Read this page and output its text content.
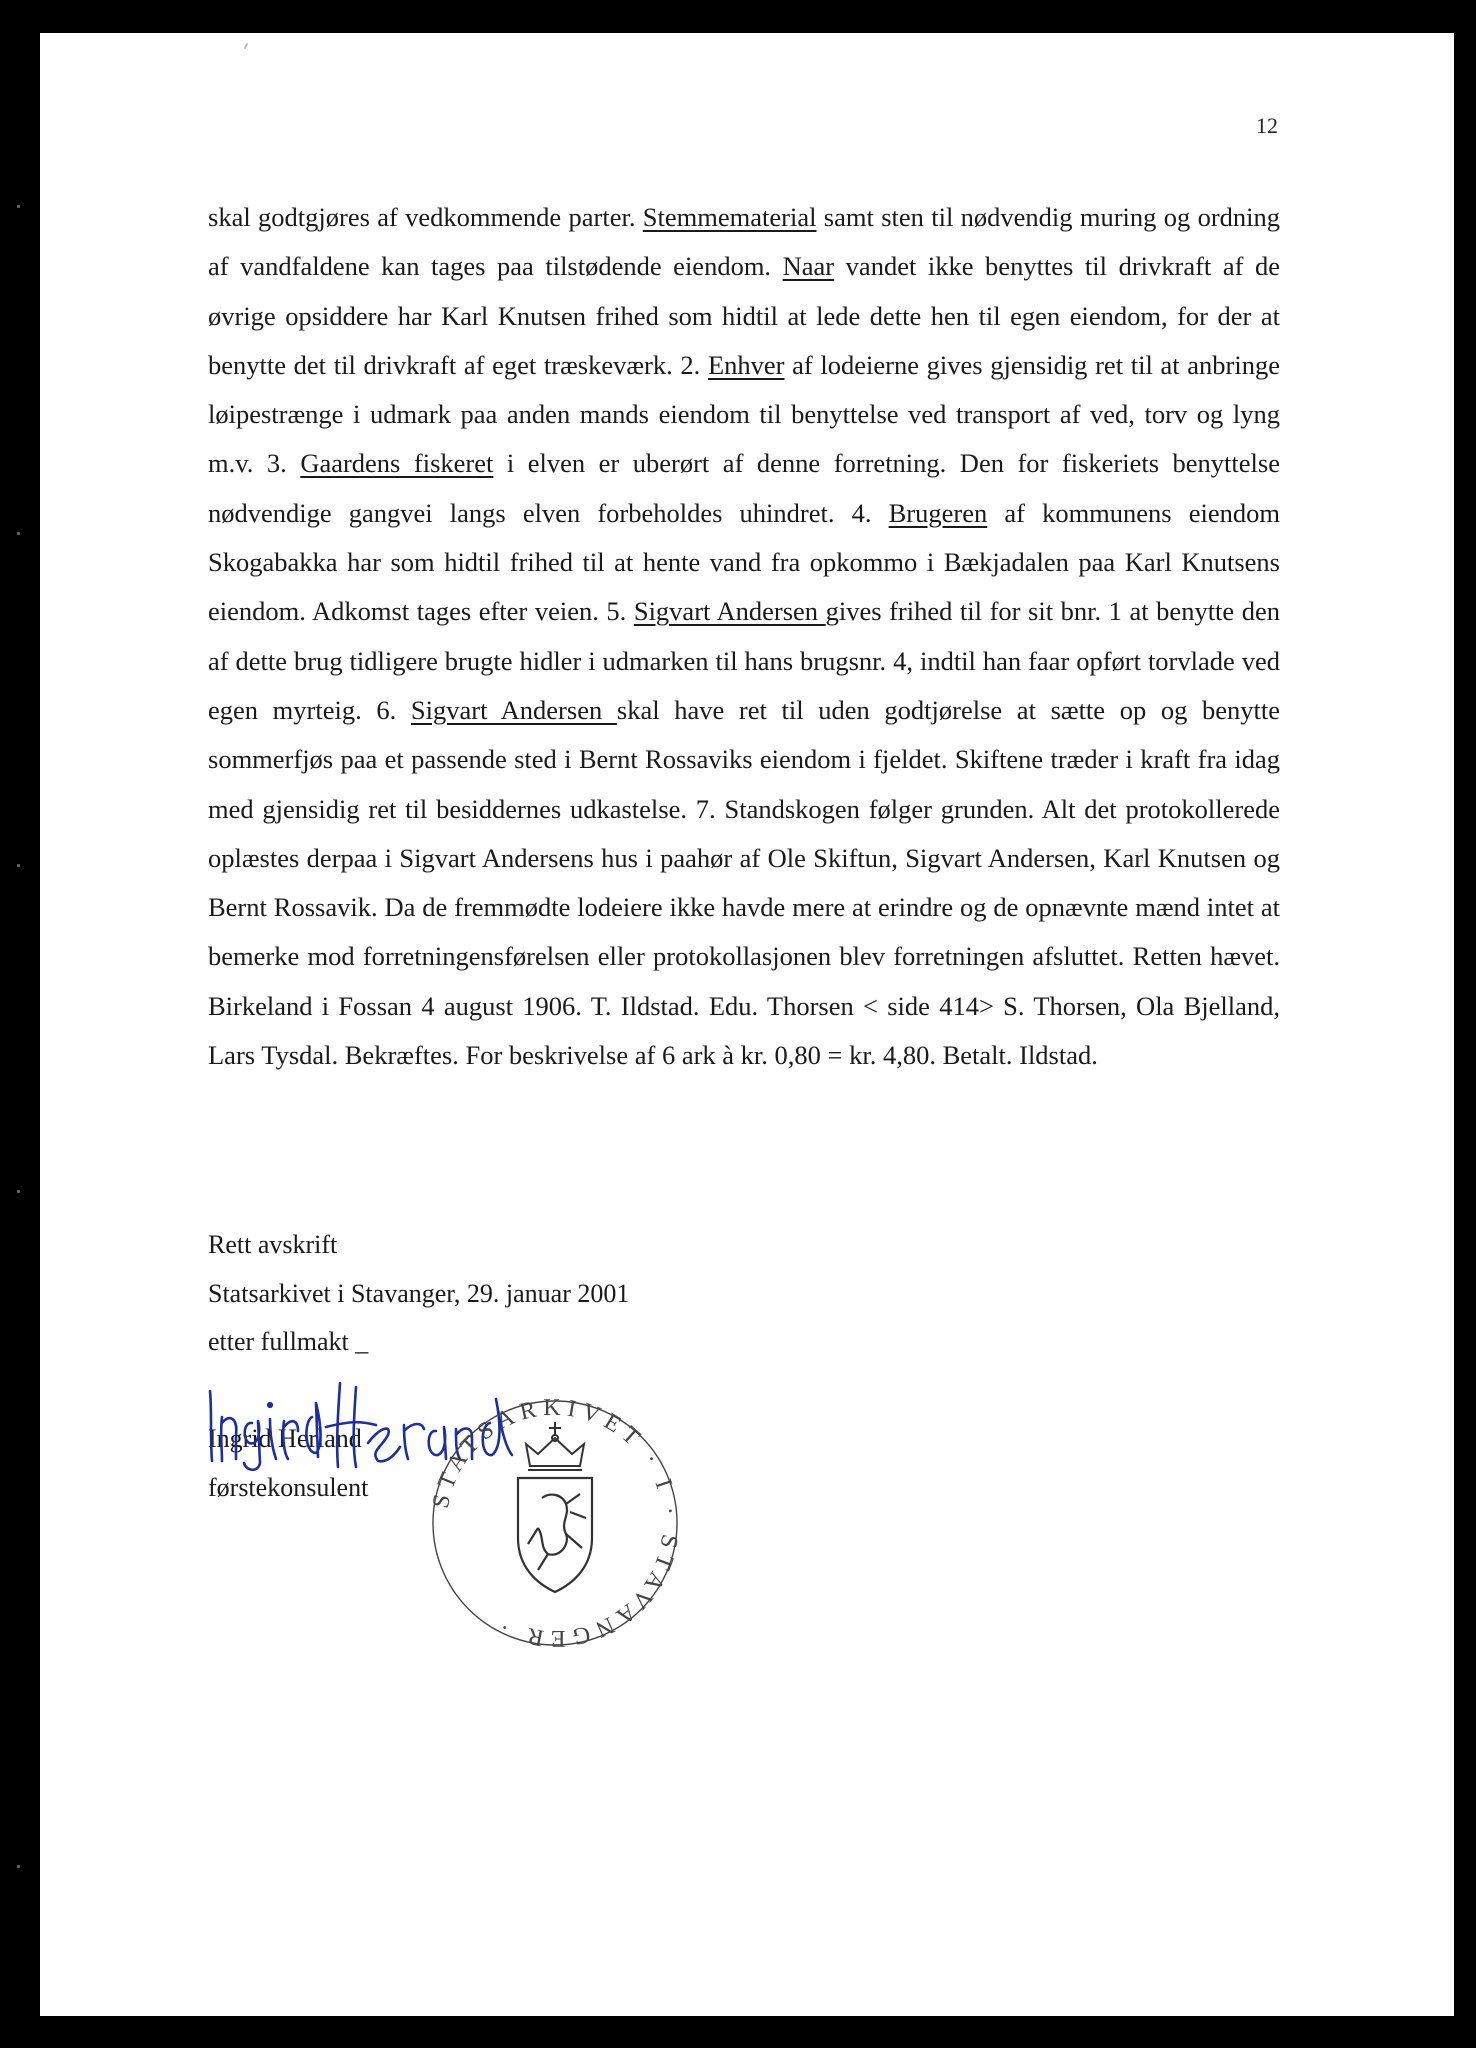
12
skal godtgjøres af vedkommende parter. Stemmematerial samt sten til nødvendig muring og ordning af vandfaldene kan tages paa tilstødende eiendom. Naar vandet ikke benyttes til drivkraft af de øvrige opsiddere har Karl Knutsen frihed som hidtil at lede dette hen til egen eiendom, for der at benytte det til drivkraft af eget træskeværk. 2. Enhver af lodeierne gives gjensidig ret til at anbringe løipestrænge i udmark paa anden mands eiendom til benyttelse ved transport af ved, torv og lyng m.v. 3. Gaardens fiskeret i elven er uberørt af denne forretning. Den for fiskeriets benyttelse nødvendige gangvei langs elven forbeholdes uhindret. 4. Brugeren af kommunens eiendom Skogabakka har som hidtil frihed til at hente vand fra opkommo i Bækjadalen paa Karl Knutsens eiendom. Adkomst tages efter veien. 5. Sigvart Andersen gives frihed til for sit bnr. 1 at benytte den af dette brug tidligere brugte hidler i udmarken til hans brugsnr. 4, indtil han faar opført torvlade ved egen myrteig. 6. Sigvart Andersen skal have ret til uden godtjørelse at sætte op og benytte sommerfjøs paa et passende sted i Bernt Rossaviks eiendom i fjeldet. Skiftene træder i kraft fra idag med gjensidig ret til besiddernes udkastelse. 7. Standskogen følger grunden. Alt det protokollerede oplæstes derpaa i Sigvart Andersens hus i paahør af Ole Skiftun, Sigvart Andersen, Karl Knutsen og Bernt Rossavik. Da de fremmødte lodeiere ikke havde mere at erindre og de opnævnte mænd intet at bemerke mod forretningensførelsen eller protokollasjonen blev forretningen afsluttet. Retten hævet. Birkeland i Fossan 4 august 1906. T. Ildstad. Edu. Thorsen < side 414> S. Thorsen, Ola Bjelland, Lars Tysdal. Bekræftes. For beskrivelse af 6 ark à kr. 0,80 = kr. 4,80. Betalt. Ildstad.
Rett avskrift
Statsarkivet i Stavanger, 29. januar 2001
etter fullmakt _
Ingrid Herland
førstekonsulent	STATSARKIVET · I · STAVANGER ·
